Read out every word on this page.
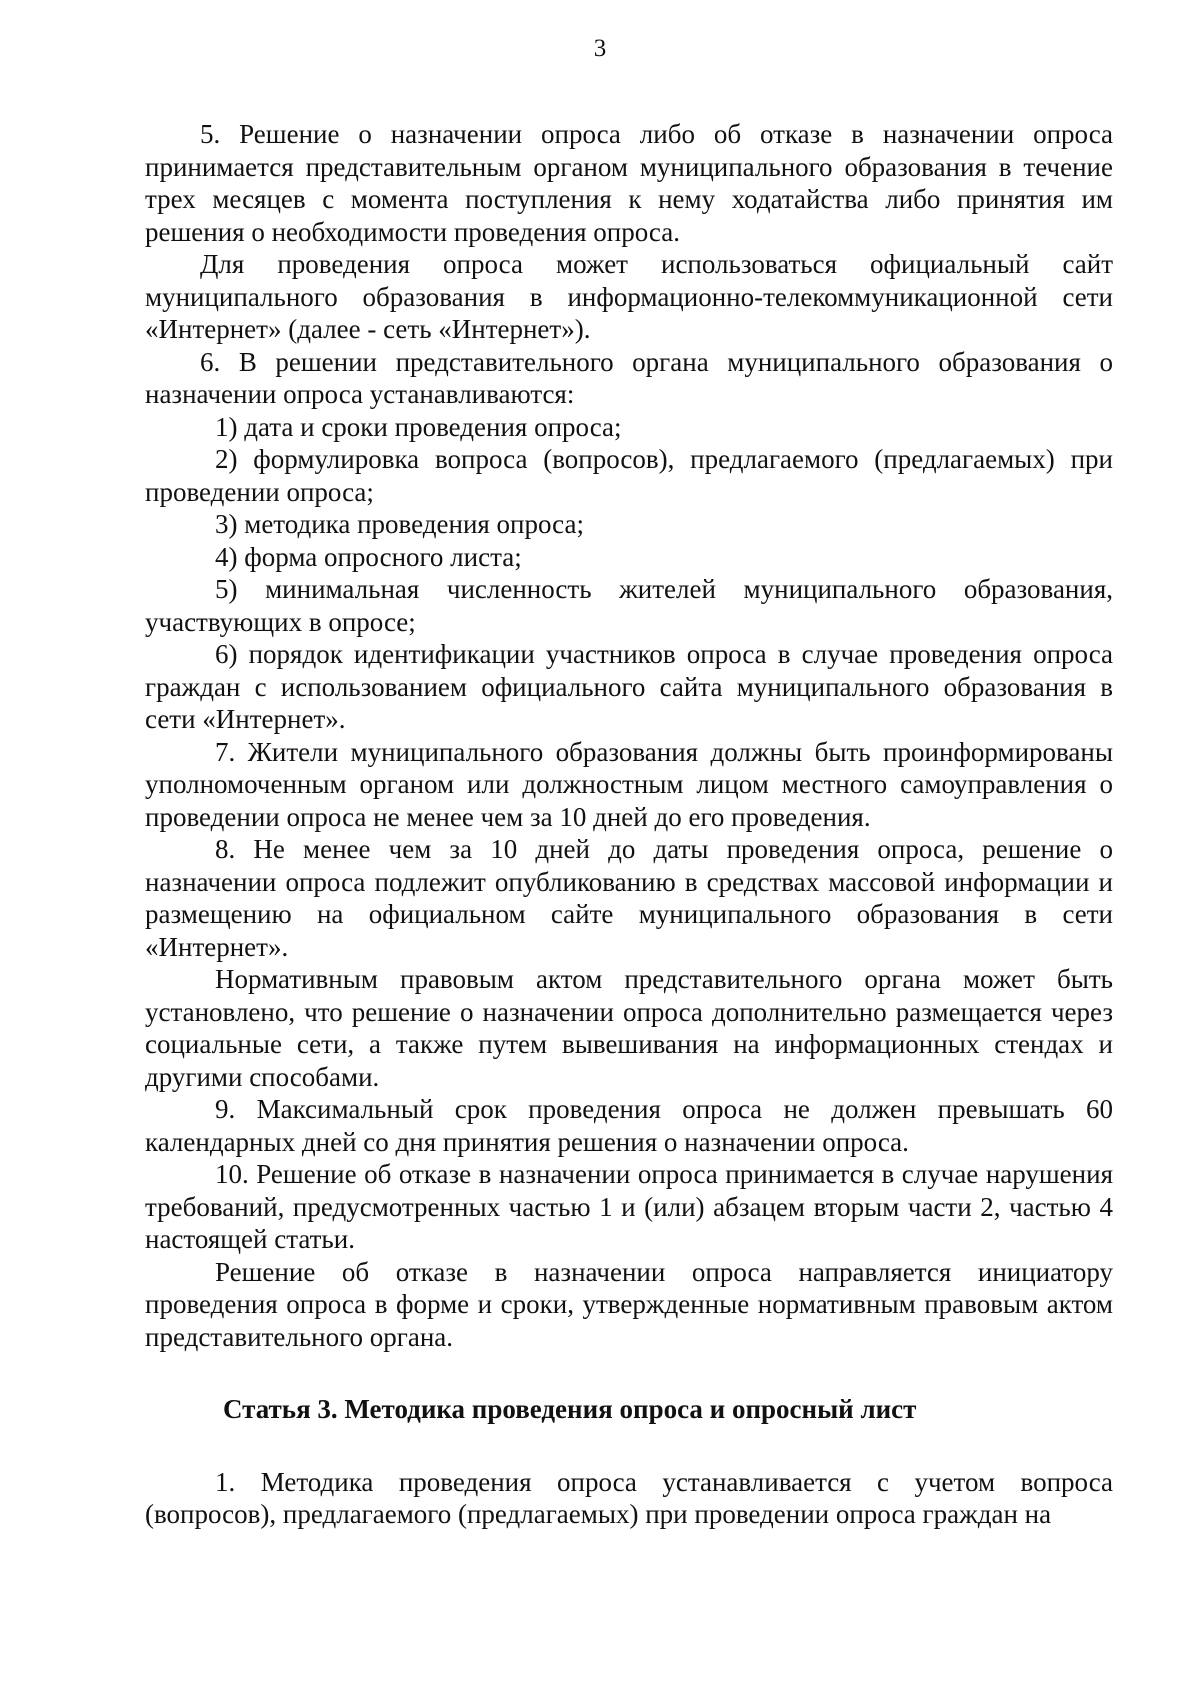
3

5. Решение о назначении опроса либо об отказе в назначении опроса принимается представительным органом муниципального образования в течение трех месяцев с момента поступления к нему ходатайства либо принятия им решения о необходимости проведения опроса.

Для проведения опроса может использоваться официальный сайт муниципального образования в информационно-телекоммуникационной сети «Интернет» (далее - сеть «Интернет»).

6. В решении представительного органа муниципального образования о назначении опроса устанавливаются:

1) дата и сроки проведения опроса;

2) формулировка вопроса (вопросов), предлагаемого (предлагаемых) при проведении опроса;

3) методика проведения опроса;

4) форма опросного листа;

5) минимальная численность жителей муниципального образования, участвующих в опросе;

6) порядок идентификации участников опроса в случае проведения опроса граждан с использованием официального сайта муниципального образования в сети «Интернет».

7. Жители муниципального образования должны быть проинформированы уполномоченным органом или должностным лицом местного самоуправления о проведении опроса не менее чем за 10 дней до его проведения.

8. Не менее чем за 10 дней до даты проведения опроса, решение о назначении опроса подлежит опубликованию в средствах массовой информации и размещению на официальном сайте муниципального образования в сети «Интернет».

Нормативным правовым актом представительного органа может быть установлено, что решение о назначении опроса дополнительно размещается через социальные сети, а также путем вывешивания на информационных стендах и другими способами.

9. Максимальный срок проведения опроса не должен превышать 60 календарных дней со дня принятия решения о назначении опроса.

10. Решение об отказе в назначении опроса принимается в случае нарушения требований, предусмотренных частью 1 и (или) абзацем вторым части 2, частью 4 настоящей статьи.

Решение об отказе в назначении опроса направляется инициатору проведения опроса в форме и сроки, утвержденные нормативным правовым актом представительного органа.

Статья 3. Методика проведения опроса и опросный лист

1. Методика проведения опроса устанавливается с учетом вопроса (вопросов), предлагаемого (предлагаемых) при проведении опроса граждан на
